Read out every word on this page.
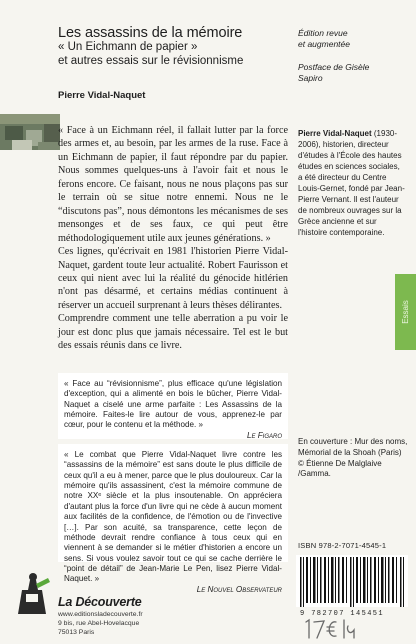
Les assassins de la mémoire
« Un Eichmann de papier »
et autres essais sur le révisionnisme
Pierre Vidal-Naquet
Édition revue
et augmentée
Postface de Gisèle
Sapiro

« Face à un Eichmann réel, il fallait lutter par la force des armes et, au besoin, par les armes de la ruse. Face à un Eichmann de papier, il faut répondre par du papier. Nous sommes quelques-uns à l'avoir fait et nous le ferons encore. Ce faisant, nous ne nous plaçons pas sur le terrain où se situe notre ennemi. Nous ne le “discutons pas”, nous démontons les mécanismes de ses mensonges et de ses faux, ce qui peut être méthodologiquement utile aux jeunes générations. »

Ces lignes, qu'écrivait en 1981 l'historien Pierre Vidal-Naquet, gardent toute leur actualité. Robert Faurisson et ceux qui nient avec lui la réalité du génocide hitlérien n'ont pas désarmé, et certains médias continuent à réserver un accueil surprenant à leurs thèses délirantes.

Comprendre comment une telle aberration a pu voir le jour est donc plus que jamais nécessaire. Tel est le but des essais réunis dans ce livre.

Pierre Vidal-Naquet (1930-2006), historien, directeur d'études à l'École des hautes études en sciences sociales, a été directeur du Centre Louis-Gernet, fondé par Jean-Pierre Vernant. Il est l'auteur de nombreux ouvrages sur la Grèce ancienne et sur l'histoire contemporaine.
Essais
« Face au “révisionnisme”, plus efficace qu'une législation d'exception, qui a alimenté en bois le bûcher, Pierre Vidal-Naquet a ciselé une arme parfaite : Les Assassins de la mémoire. Faites-le lire autour de vous, apprenez-le par cœur, pour le contenu et la méthode. »
Le Figaro
« Le combat que Pierre Vidal-Naquet livre contre les “assassins de la mémoire” est sans doute le plus difficile de ceux qu'il a eu à mener, parce que le plus douloureux. Car la mémoire qu'ils assassinent, c'est la mémoire commune de notre XXᵉ siècle et la plus insoutenable. On appréciera d'autant plus la force d'un livre qui ne cède à aucun moment aux facilités de la confidence, de l'émotion ou de l'invective […]. Par son acuité, sa transparence, cette leçon de méthode devrait rendre confiance à tous ceux qui en viennent à se demander si le métier d'historien a encore un sens. Si vous voulez savoir tout ce qui se cache derrière le “point de détail” de Jean-Marie Le Pen, lisez Pierre Vidal-Naquet. »
Le Nouvel Observateur
En couverture : Mur des noms, Mémorial de la Shoah (Paris) © Étienne De Malglaive /Gamma.
ISBN 978-2-7071-4545-1
9 782707 145451
La Découverte
www.editionsladecouverte.fr
9 bis, rue Abel-Hovelacque
75013 Paris
